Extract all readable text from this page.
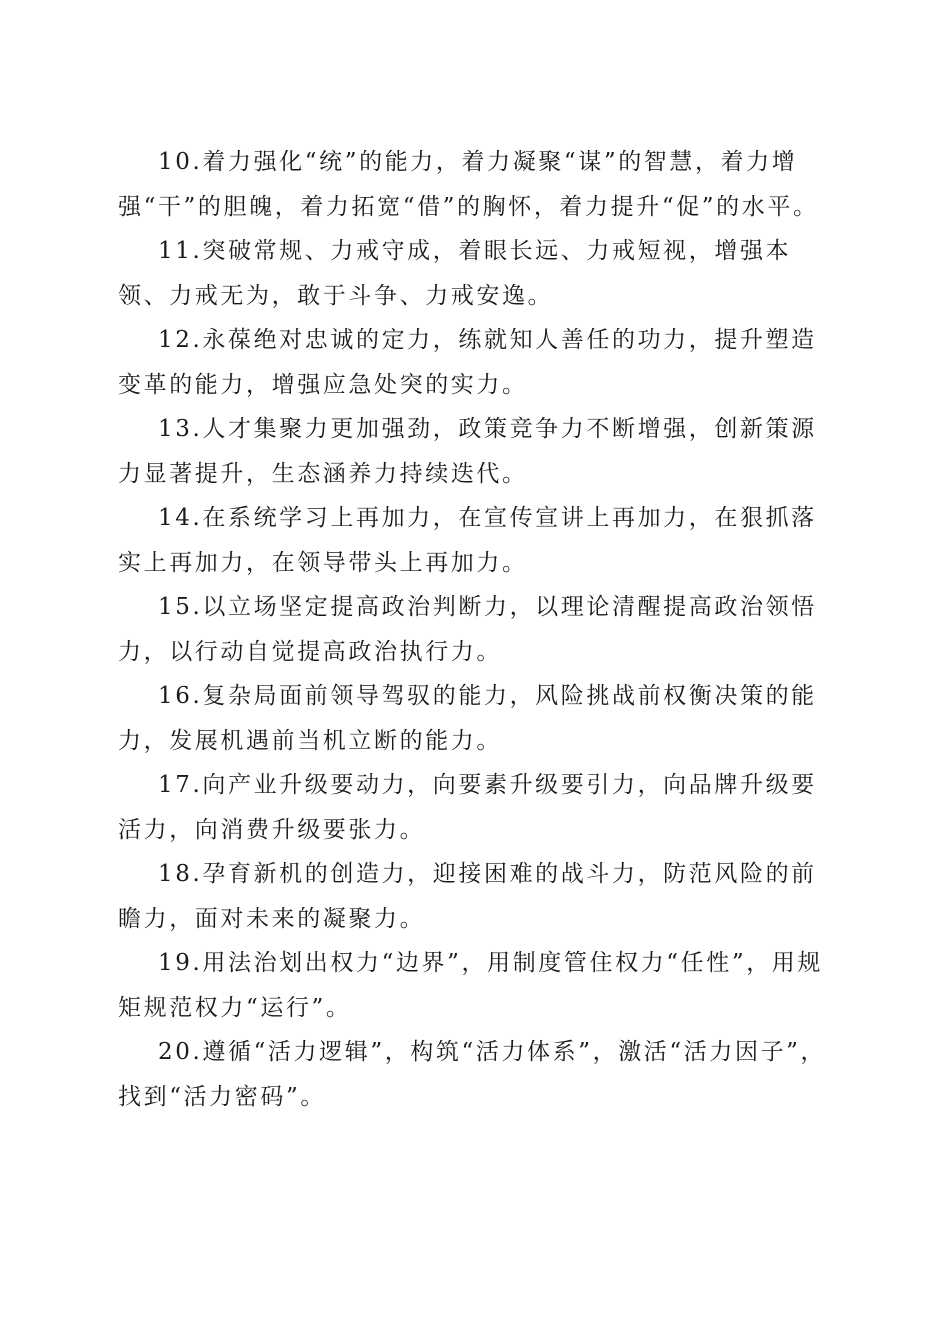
10.着力强化“统”的能力，着力凝聚“谋”的智慧，着力增强“干”的胆魄，着力拓宽“借”的胸怀，着力提升“促”的水平。

11.突破常规、力戒守成，着眼长远、力戒短视，增强本领、力戒无为，敢于斗争、力戒安逸。

12.永葆绝对忠诚的定力，练就知人善任的功力，提升塑造变革的能力，增强应急处突的实力。

13.人才集聚力更加强劲，政策竞争力不断增强，创新策源力显著提升，生态涵养力持续迭代。

14.在系统学习上再加力，在宣传宣讲上再加力，在狠抓落实上再加力，在领导带头上再加力。

15.以立场坚定提高政治判断力，以理论清醒提高政治领悟力，以行动自觉提高政治执行力。

16.复杂局面前领导驾驭的能力，风险挑战前权衡决策的能力，发展机遇前当机立断的能力。

17.向产业升级要动力，向要素升级要引力，向品牌升级要活力，向消费升级要张力。

18.孕育新机的创造力，迎接困难的战斗力，防范风险的前瞻力，面对未来的凝聚力。

19.用法治划出权力“边界”，用制度管住权力“任性”，用规矩规范权力“运行”。

20.遵循“活力逻辑”，构筑“活力体系”，激活“活力因子”，找到“活力密码”。
